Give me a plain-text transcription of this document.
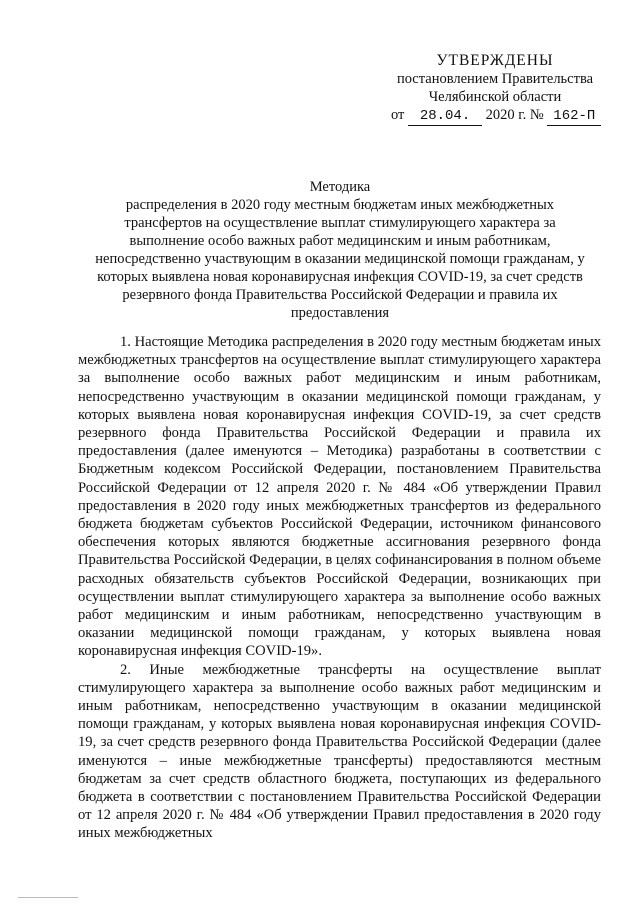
УТВЕРЖДЕНЫ
постановлением Правительства
Челябинской области
от 28.04. 2020 г. № 162-П
Методика
распределения в 2020 году местным бюджетам иных межбюджетных трансфертов на осуществление выплат стимулирующего характера за выполнение особо важных работ медицинским и иным работникам, непосредственно участвующим в оказании медицинской помощи гражданам, у которых выявлена новая коронавирусная инфекция COVID-19, за счет средств резервного фонда Правительства Российской Федерации и правила их предоставления

1. Настоящие Методика распределения в 2020 году местным бюджетам иных межбюджетных трансфертов на осуществление выплат стимулирующего характера за выполнение особо важных работ медицинским и иным работникам, непосредственно участвующим в оказании медицинской помощи гражданам, у которых выявлена новая коронавирусная инфекция COVID-19, за счет средств резервного фонда Правительства Российской Федерации и правила их предоставления (далее именуются – Методика) разработаны в соответствии с Бюджетным кодексом Российской Федерации, постановлением Правительства Российской Федерации от 12 апреля 2020 г. № 484 «Об утверждении Правил предоставления в 2020 году иных межбюджетных трансфертов из федерального бюджета бюджетам субъектов Российской Федерации, источником финансового обеспечения которых являются бюджетные ассигнования резервного фонда Правительства Российской Федерации, в целях софинансирования в полном объеме расходных обязательств субъектов Российской Федерации, возникающих при осуществлении выплат стимулирующего характера за выполнение особо важных работ медицинским и иным работникам, непосредственно участвующим в оказании медицинской помощи гражданам, у которых выявлена новая коронавирусная инфекция COVID-19».

2. Иные межбюджетные трансферты на осуществление выплат стимулирующего характера за выполнение особо важных работ медицинским и иным работникам, непосредственно участвующим в оказании медицинской помощи гражданам, у которых выявлена новая коронавирусная инфекция COVID-19, за счет средств резервного фонда Правительства Российской Федерации (далее именуются – иные межбюджетные трансферты) предоставляются местным бюджетам за счет средств областного бюджета, поступающих из федерального бюджета в соответствии с постановлением Правительства Российской Федерации от 12 апреля 2020 г. № 484 «Об утверждении Правил предоставления в 2020 году иных межбюджетных
